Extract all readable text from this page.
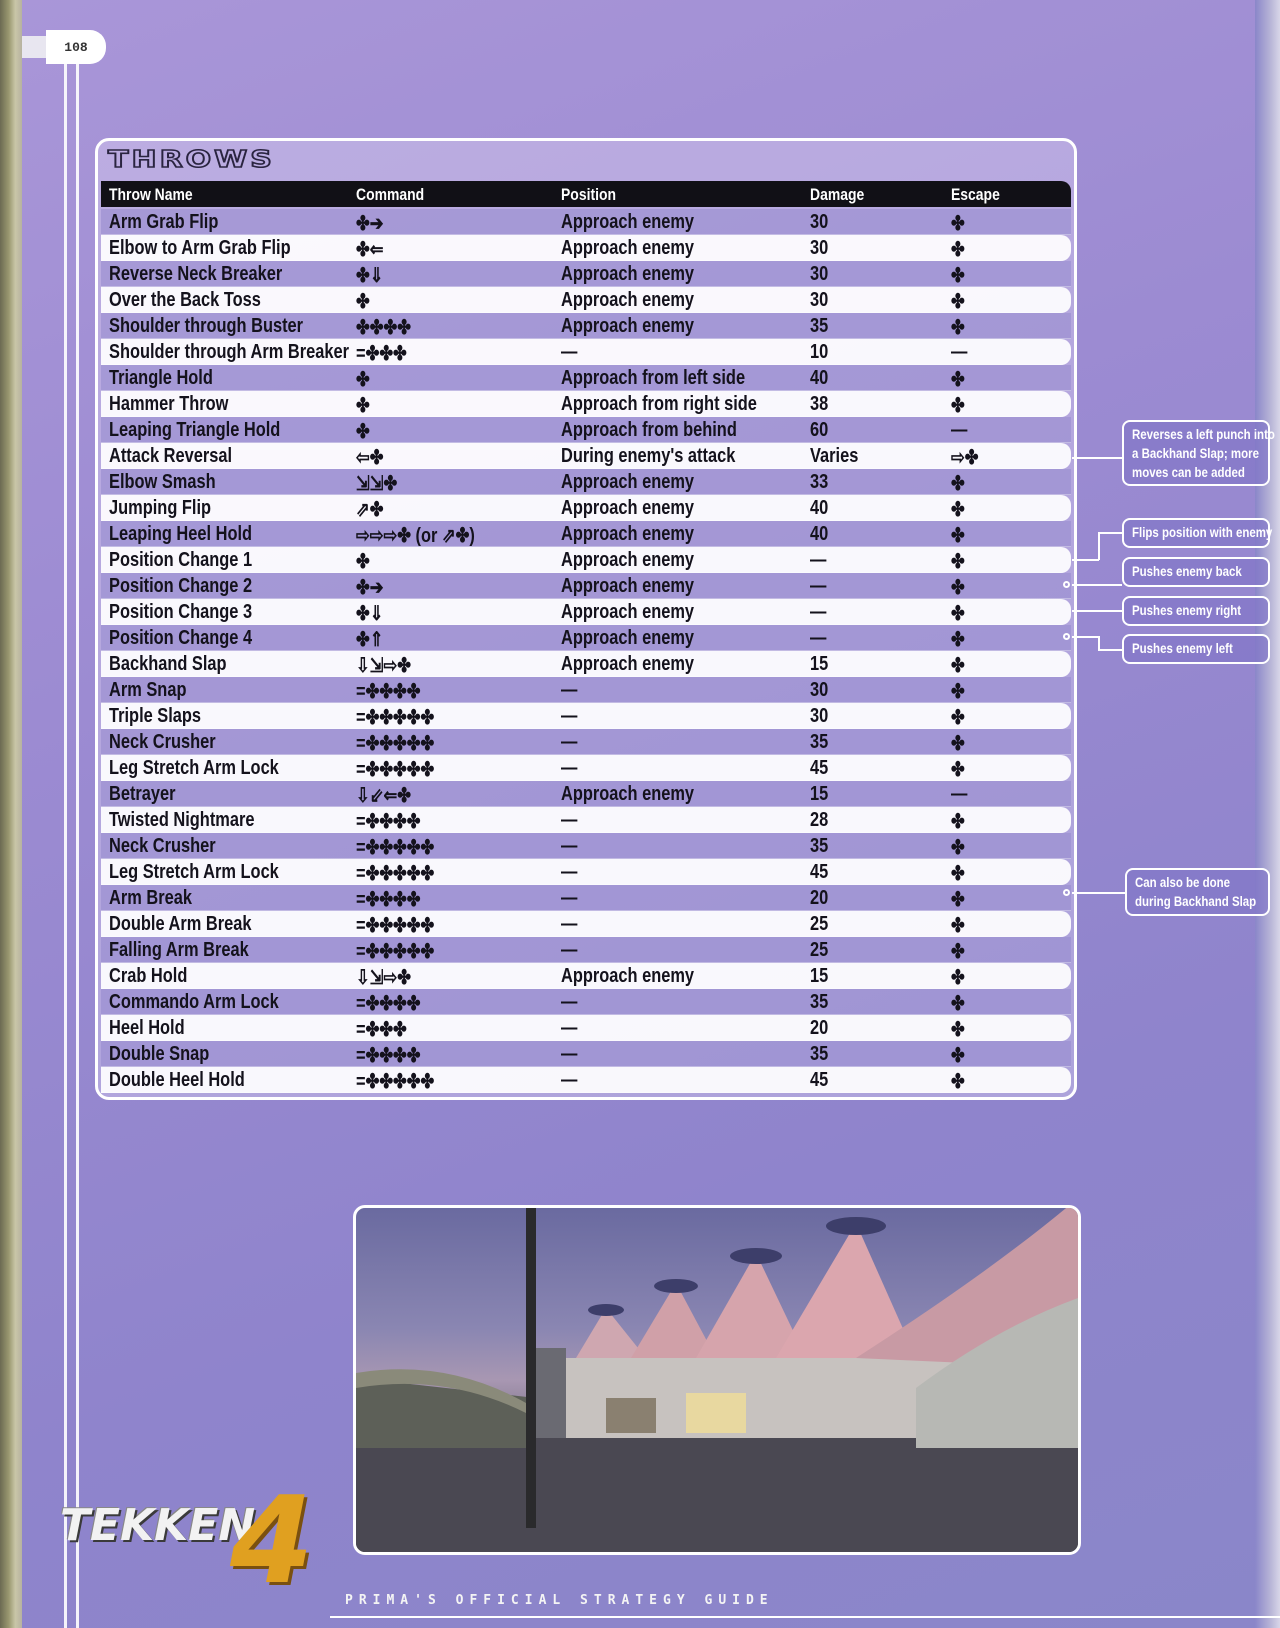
108
THROWS
Throw Name	Command	Position	Damage	Escape
Arm Grab Flip	✤➔	Approach enemy	30	✤
Elbow to Arm Grab Flip	✤⇐	Approach enemy	30	✤
Reverse Neck Breaker	✤⇓	Approach enemy	30	✤
Over the Back Toss	✤	Approach enemy	30	✤
Shoulder through Buster	✤✤✤✤	Approach enemy	35	✤
Shoulder through Arm Breaker =✤✤✤	—	10	—
Triangle Hold	✤	Approach from left side	40	✤
Hammer Throw	✤	Approach from right side	38	✤
Leaping Triangle Hold	✤	Approach from behind	60	—
Attack Reversal	⇦✤	During enemy's attack	Varies	⇨✤
Elbow Smash	⇲⇲✤	Approach enemy	33	✤
Jumping Flip	⇗✤	Approach enemy	40	✤
Leaping Heel Hold	⇨⇨⇨✤ (or ⇗✤)	Approach enemy	40	✤
Position Change 1	✤	Approach enemy	—	✤
Position Change 2	✤➔	Approach enemy	—	✤
Position Change 3	✤⇓	Approach enemy	—	✤
Position Change 4	✤⇑	Approach enemy	—	✤
Backhand Slap	⇩⇲⇨✤	Approach enemy	15	✤
Arm Snap	=✤✤✤✤	—	30	✤
Triple Slaps	=✤✤✤✤✤	—	30	✤
Neck Crusher	=✤✤✤✤✤	—	35	✤
Leg Stretch Arm Lock	=✤✤✤✤✤	—	45	✤
Betrayer	⇩⇙⇐✤	Approach enemy	15	—
Twisted Nightmare	=✤✤✤✤	—	28	✤
Neck Crusher	=✤✤✤✤✤	—	35	✤
Leg Stretch Arm Lock	=✤✤✤✤✤	—	45	✤
Arm Break	=✤✤✤✤	—	20	✤
Double Arm Break	=✤✤✤✤✤	—	25	✤
Falling Arm Break	=✤✤✤✤✤	—	25	✤
Crab Hold	⇩⇲⇨✤	Approach enemy	15	✤
Commando Arm Lock	=✤✤✤✤	—	35	✤
Heel Hold	=✤✤✤	—	20	✤
Double Snap	=✤✤✤✤	—	35	✤
Double Heel Hold	=✤✤✤✤✤	—	45	✤
Reverses a left punch into
a Backhand Slap; more
moves can be added
Flips position with enemy
Pushes enemy back
Pushes enemy right
Pushes enemy left
Can also be done
during Backhand Slap
TEKKEN
4 PRIMA'S OFFICIAL STRATEGY GUIDE
